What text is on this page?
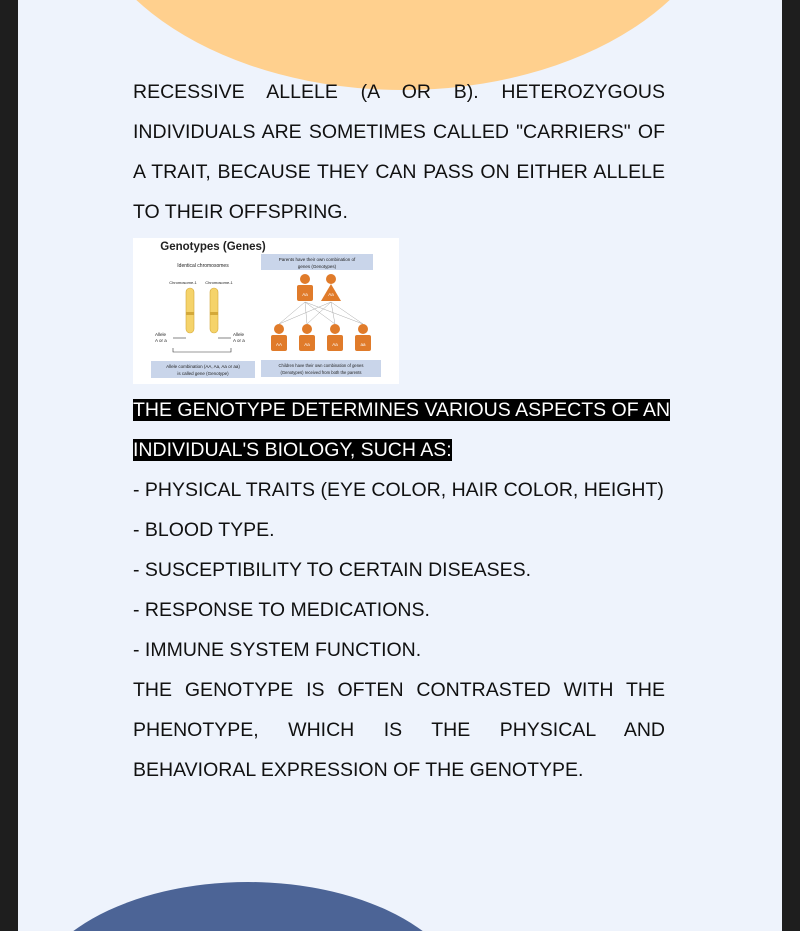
RECESSIVE ALLELE (A OR B). HETEROZYGOUS
INDIVIDUALS ARE SOMETIMES CALLED "CARRIERS" OF
A TRAIT, BECAUSE THEY CAN PASS ON EITHER ALLELE
TO THEIR OFFSPRING.
Genotypes (Genes)
Identical chromosomes
Chromosome-1 Chromosome-1
Allele
A or a
Allele
A or a
Allele combination (AA, Aa, Aa or aa)
is called gene (Genotype)
Parents have their own combination of
genes (Genotypes)
Aa	Aa
AA	Aa	Aa	aa
Children have their own combination of genes
(Genotypes) received from both the parents
THE GENOTYPE DETERMINES VARIOUS ASPECTS OF AN
INDIVIDUAL'S BIOLOGY, SUCH AS:
- PHYSICAL TRAITS (EYE COLOR, HAIR COLOR, HEIGHT)
- BLOOD TYPE.
- SUSCEPTIBILITY TO CERTAIN DISEASES.
- RESPONSE TO MEDICATIONS.
- IMMUNE SYSTEM FUNCTION.
THE GENOTYPE IS OFTEN CONTRASTED WITH THE
PHENOTYPE, WHICH IS THE PHYSICAL AND
BEHAVIORAL EXPRESSION OF THE GENOTYPE.
